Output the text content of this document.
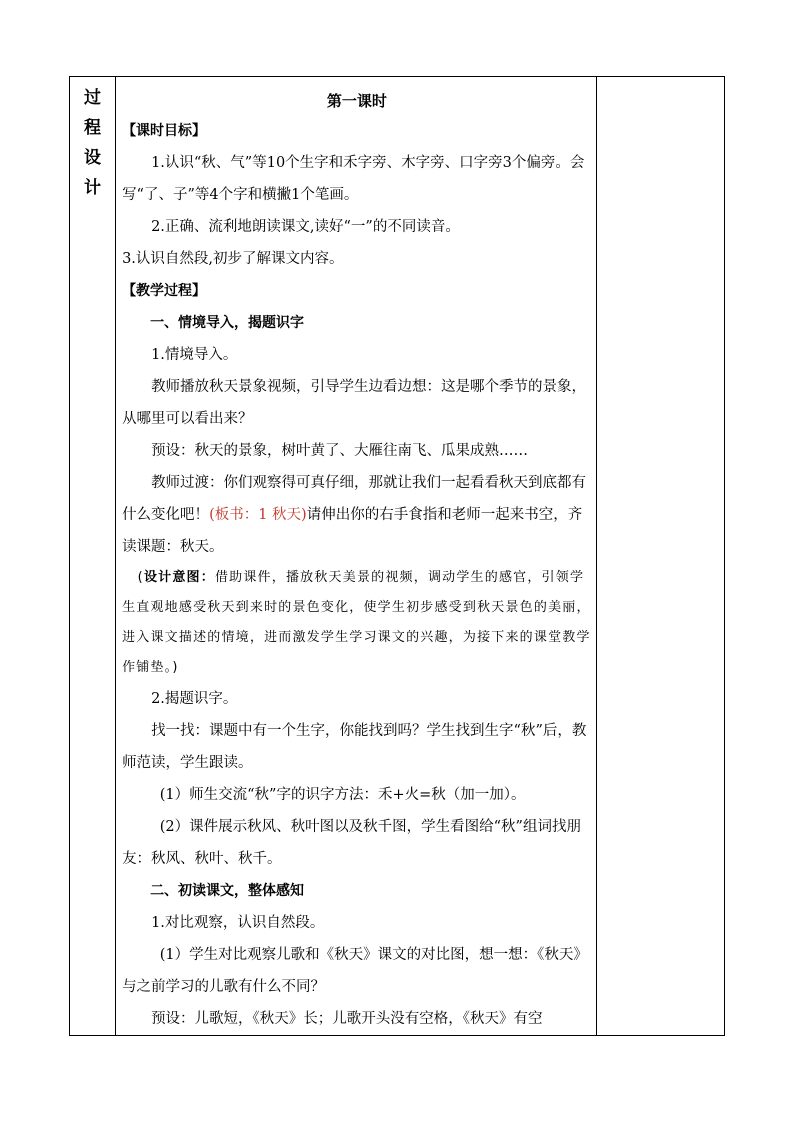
过
程
设
计

第一课时

【课时目标】

1.认识“秋、气”等10个生字和禾字旁、木字旁、口字旁3个偏旁。会写“了、子”等4个字和横撇1个笔画。

2.正确、流利地朗读课文,读好“一”的不同读音。

3.认识自然段,初步了解课文内容。

【教学过程】

一、情境导入，揭题识字

1.情境导入。

教师播放秋天景象视频，引导学生边看边想：这是哪个季节的景象，从哪里可以看出来？

预设：秋天的景象，树叶黄了、大雁往南飞、瓜果成熟……

教师过渡：你们观察得可真仔细，那就让我们一起看看秋天到底都有什么变化吧！(板书：1 秋天)请伸出你的右手食指和老师一起来书空，齐读课题：秋天。

(设计意图：借助课件，播放秋天美景的视频，调动学生的感官，引领学生直观地感受秋天到来时的景色变化，使学生初步感受到秋天景色的美丽，进入课文描述的情境，进而激发学生学习课文的兴趣，为接下来的课堂教学作铺垫。)

2.揭题识字。

找一找：课题中有一个生字，你能找到吗？学生找到生字“秋”后，教师范读，学生跟读。

(1）师生交流“秋”字的识字方法：禾+火=秋（加一加）。

(2）课件展示秋风、秋叶图以及秋千图，学生看图给“秋”组词找朋友：秋风、秋叶、秋千。

二、初读课文，整体感知

1.对比观察，认识自然段。

(1）学生对比观察儿歌和《秋天》课文的对比图，想一想：《秋天》与之前学习的儿歌有什么不同？

预设：儿歌短，《秋天》长；儿歌开头没有空格，《秋天》有空
